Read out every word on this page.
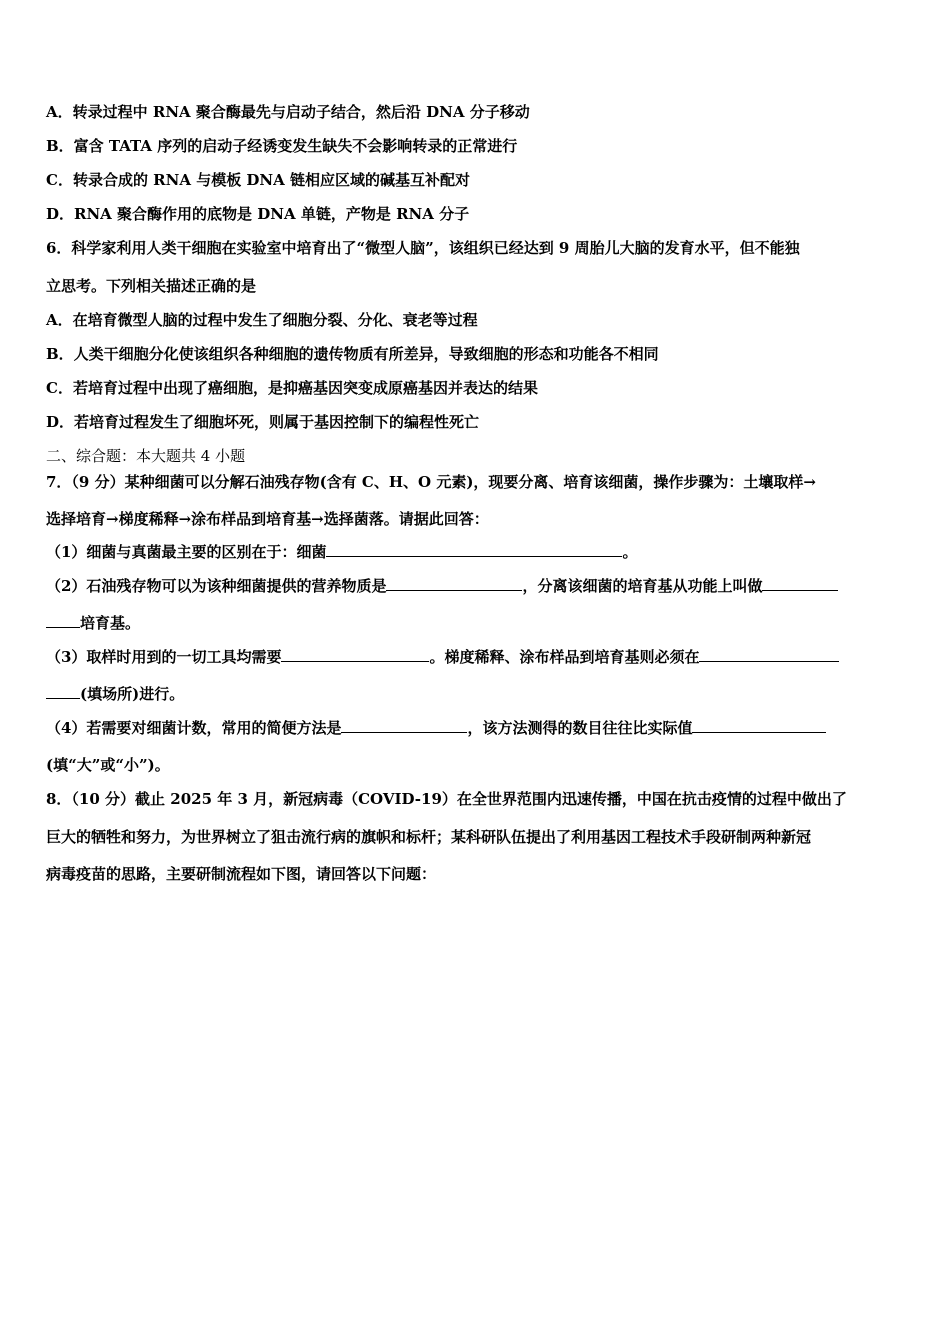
A．转录过程中 RNA 聚合酶最先与启动子结合，然后沿 DNA 分子移动
B．富含 TATA 序列的启动子经诱变发生缺失不会影响转录的正常进行
C．转录合成的 RNA 与模板 DNA 链相应区域的碱基互补配对
D．RNA 聚合酶作用的底物是 DNA 单链，产物是 RNA 分子
6．科学家利用人类干细胞在实验室中培育出了“微型人脑”，该组织已经达到 9 周胎儿大脑的发育水平，但不能独
立思考。下列相关描述正确的是
A．在培育微型人脑的过程中发生了细胞分裂、分化、衰老等过程
B．人类干细胞分化使该组织各种细胞的遗传物质有所差异，导致细胞的形态和功能各不相同
C．若培育过程中出现了癌细胞，是抑癌基因突变成原癌基因并表达的结果
D．若培育过程发生了细胞坏死，则属于基因控制下的编程性死亡
二、综合题：本大题共 4 小题
7．（9 分）某种细菌可以分解石油残存物(含有 C、H、O 元素)，现要分离、培育该细菌，操作步骤为：土壤取样→
选择培育→梯度稀释→涂布样品到培育基→选择菌落。请据此回答：
（1）细菌与真菌最主要的区别在于：细菌	。
（2）石油残存物可以为该种细菌提供的营养物质是	，分离该细菌的培育基从功能上叫做
培育基。
（3）取样时用到的一切工具均需要	。梯度稀释、涂布样品到培育基则必须在
(填场所)进行。
（4）若需要对细菌计数，常用的简便方法是	，该方法测得的数目往往比实际值
(填“大”或“小”)。
8．（10 分）截止 2025 年 3 月，新冠病毒（COVID-19）在全世界范围内迅速传播，中国在抗击疫情的过程中做出了
巨大的牺牲和努力，为世界树立了狙击流行病的旗帜和标杆；某科研队伍提出了利用基因工程技术手段研制两种新冠
病毒疫苗的思路，主要研制流程如下图，请回答以下问题：
